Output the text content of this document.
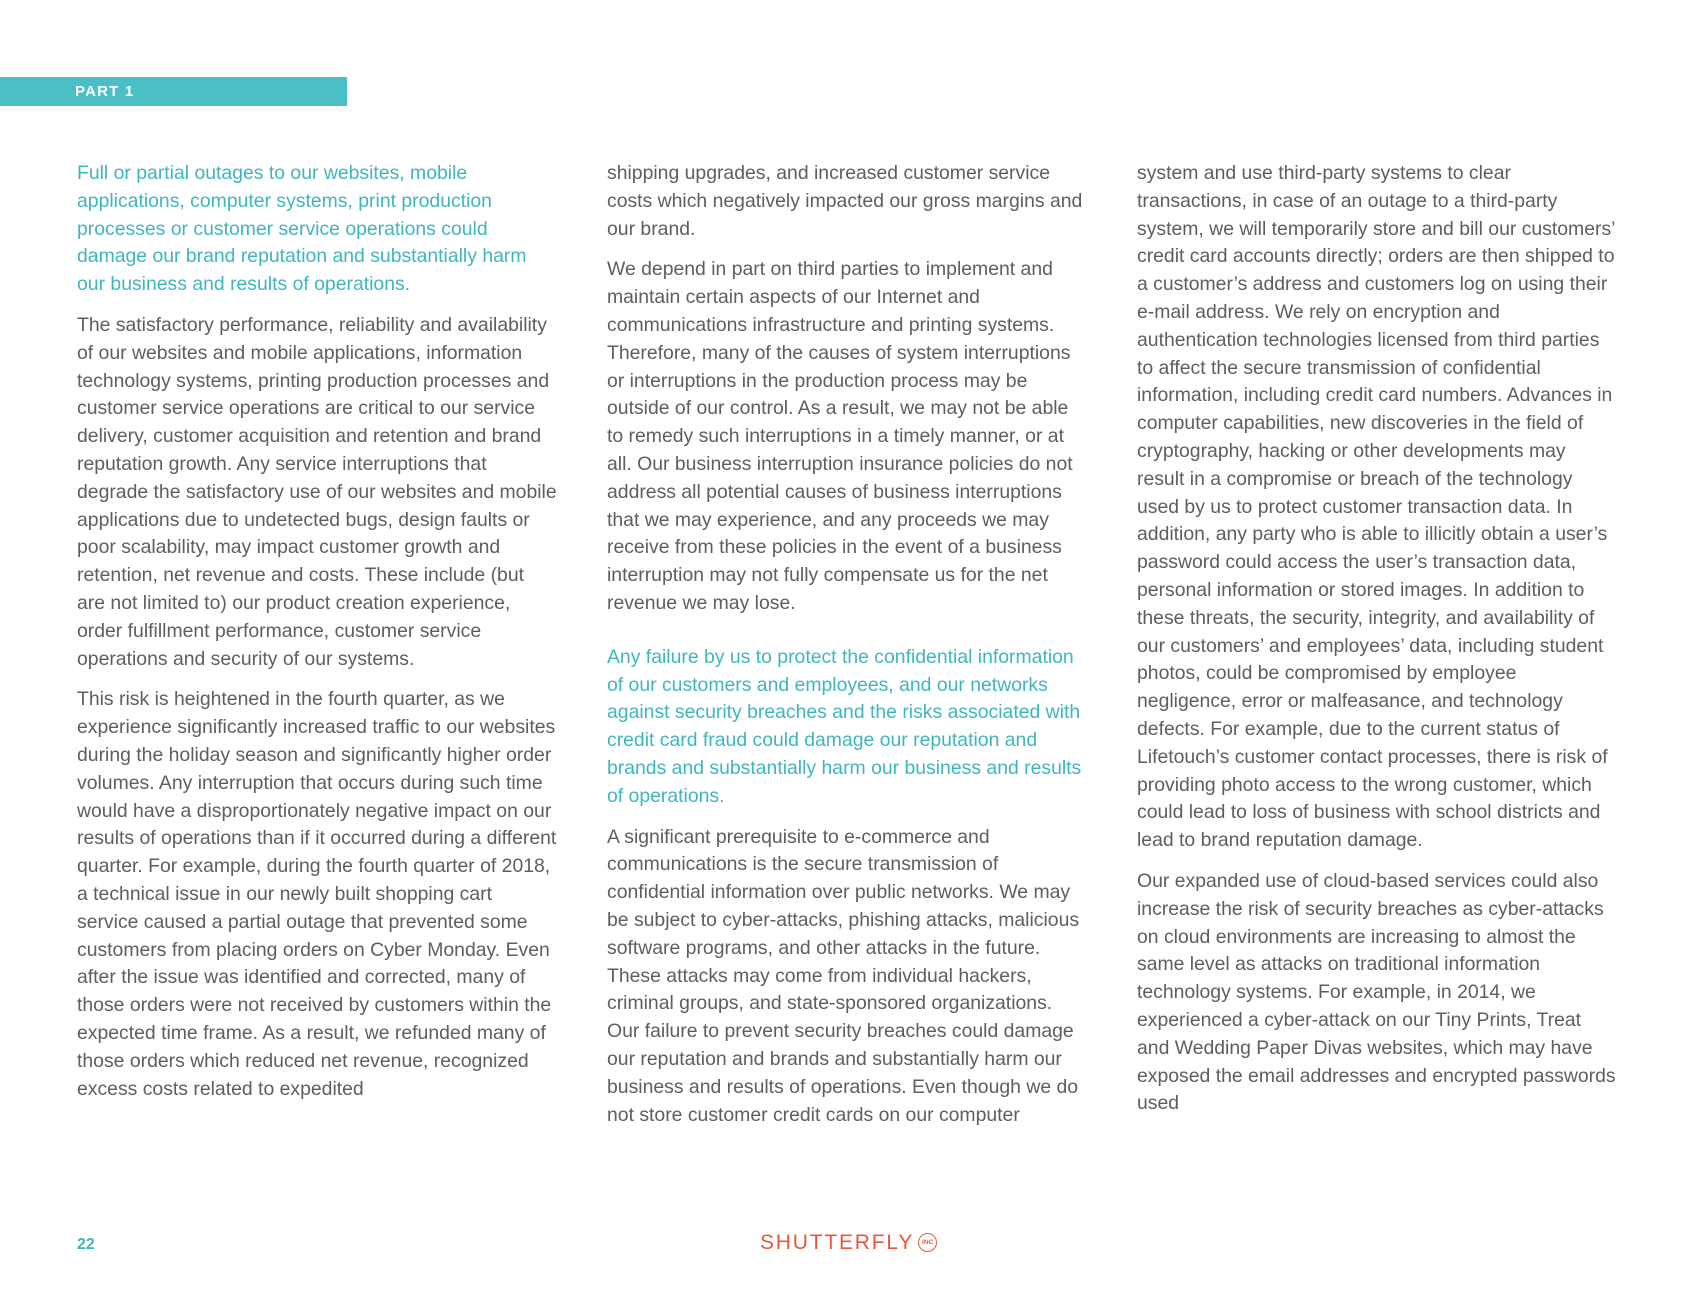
PART 1

Full or partial outages to our websites, mobile applications, computer systems, print production processes or customer service operations could damage our brand reputation and substantially harm our business and results of operations.

The satisfactory performance, reliability and availability of our websites and mobile applications, information technology systems, printing production processes and customer service operations are critical to our service delivery, customer acquisition and retention and brand reputation growth. Any service interruptions that degrade the satisfactory use of our websites and mobile applications due to undetected bugs, design faults or poor scalability, may impact customer growth and retention, net revenue and costs. These include (but are not limited to) our product creation experience, order fulfillment performance, customer service operations and security of our systems.

This risk is heightened in the fourth quarter, as we experience significantly increased traffic to our websites during the holiday season and significantly higher order volumes. Any interruption that occurs during such time would have a disproportionately negative impact on our results of operations than if it occurred during a different quarter. For example, during the fourth quarter of 2018, a technical issue in our newly built shopping cart service caused a partial outage that prevented some customers from placing orders on Cyber Monday. Even after the issue was identified and corrected, many of those orders were not received by customers within the expected time frame. As a result, we refunded many of those orders which reduced net revenue, recognized excess costs related to expedited

shipping upgrades, and increased customer service costs which negatively impacted our gross margins and our brand.

We depend in part on third parties to implement and maintain certain aspects of our Internet and communications infrastructure and printing systems. Therefore, many of the causes of system interruptions or interruptions in the production process may be outside of our control. As a result, we may not be able to remedy such interruptions in a timely manner, or at all. Our business interruption insurance policies do not address all potential causes of business interruptions that we may experience, and any proceeds we may receive from these policies in the event of a business interruption may not fully compensate us for the net revenue we may lose.

Any failure by us to protect the confidential information of our customers and employees, and our networks against security breaches and the risks associated with credit card fraud could damage our reputation and brands and substantially harm our business and results of operations.

A significant prerequisite to e-commerce and communications is the secure transmission of confidential information over public networks. We may be subject to cyber-attacks, phishing attacks, malicious software programs, and other attacks in the future. These attacks may come from individual hackers, criminal groups, and state-sponsored organizations. Our failure to prevent security breaches could damage our reputation and brands and substantially harm our business and results of operations. Even though we do not store customer credit cards on our computer

system and use third-party systems to clear transactions, in case of an outage to a third-party system, we will temporarily store and bill our customers’ credit card accounts directly; orders are then shipped to a customer’s address and customers log on using their e-mail address. We rely on encryption and authentication technologies licensed from third parties to affect the secure transmission of confidential information, including credit card numbers. Advances in computer capabilities, new discoveries in the field of cryptography, hacking or other developments may result in a compromise or breach of the technology used by us to protect customer transaction data. In addition, any party who is able to illicitly obtain a user’s password could access the user’s transaction data, personal information or stored images. In addition to these threats, the security, integrity, and availability of our customers’ and employees’ data, including student photos, could be compromised by employee negligence, error or malfeasance, and technology defects. For example, due to the current status of Lifetouch’s customer contact processes, there is risk of providing photo access to the wrong customer, which could lead to loss of business with school districts and lead to brand reputation damage.

Our expanded use of cloud-based services could also increase the risk of security breaches as cyber-attacks on cloud environments are increasing to almost the same level as attacks on traditional information technology systems. For example, in 2014, we experienced a cyber-attack on our Tiny Prints, Treat and Wedding Paper Divas websites, which may have exposed the email addresses and encrypted passwords used

22	SHUTTERFLY	INC
